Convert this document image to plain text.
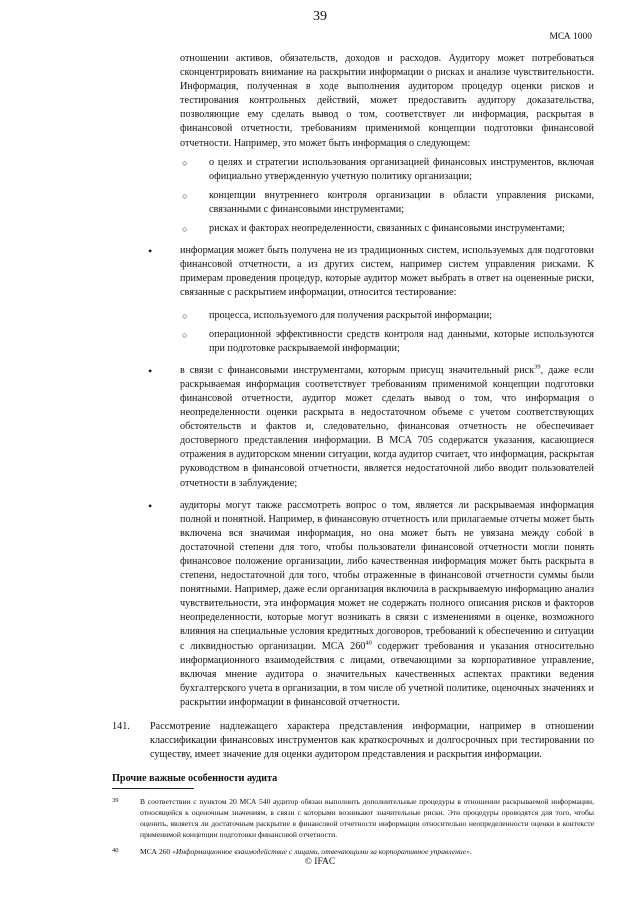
39
МСА 1000

отношении активов, обязательств, доходов и расходов. Аудитору может потребоваться сконцентрировать внимание на раскрытии информации о рисках и анализе чувствительности. Информация, полученная в ходе выполнения аудитором процедур оценки рисков и тестирования контрольных действий, может предоставить аудитору доказательства, позволяющие ему сделать вывод о том, соответствует ли информация, раскрытая в финансовой отчетности, требованиям применимой концепции подготовки финансовой отчетности. Например, это может быть информация о следующем:

○ о целях и стратегии использования организацией финансовых инструментов, включая официально утвержденную учетную политику организации;
○ концепции внутреннего контроля организации в области управления рисками, связанными с финансовыми инструментами;
○ рисках и факторах неопределенности, связанных с финансовыми инструментами;
•	информация может быть получена не из традиционных систем, используемых для подготовки финансовой отчетности, а из других систем, например систем управления рисками. К примерам проведения процедур, которые аудитор может выбрать в ответ на оцененные риски, связанные с раскрытием информации, относится тестирование:
○ процесса, используемого для получения раскрытой информации;
○ операционной эффективности средств контроля над данными, которые используются при подготовке раскрываемой информации;
•	в связи с финансовыми инструментами, которым присущ значительный риск$^{39}$, даже если раскрываемая информация соответствует требованиям применимой концепции подготовки финансовой отчетности, аудитор может сделать вывод о том, что информация о неопределенности оценки раскрыта в недостаточном объеме с учетом соответствующих обстоятельств и фактов и, следовательно, финансовая отчетность не обеспечивает достоверного представления информации. В МСА 705 содержатся указания, касающиеся отражения в аудиторском мнении ситуации, когда аудитор считает, что информация, раскрытая руководством в финансовой отчетности, является недостаточной либо вводит пользователей отчетности в заблуждение;
•	аудиторы могут также рассмотреть вопрос о том, является ли раскрываемая информация полной и понятной. Например, в финансовую отчетность или прилагаемые отчеты может быть включена вся значимая информация, но она может быть не увязана между собой в достаточной степени для того, чтобы пользователи финансовой отчетности могли понять финансовое положение организации, либо качественная информация может быть раскрыта в степени, недостаточной для того, чтобы отраженные в финансовой отчетности суммы были понятными. Например, даже если организация включила в раскрываемую информацию анализ чувствительности, эта информация может не содержать полного описания рисков и факторов неопределенности, которые могут возникать в связи с изменениями в оценке, возможного влияния на специальные условия кредитных договоров, требований к обеспечению и ситуации с ликвидностью организации. МСА $260^{40}$ содержит требования и указания относительно информационного взаимодействия с лицами, отвечающими за корпоративное управление, включая мнение аудитора о значительных качественных аспектах практики ведения бухгалтерского учета в организации, в том числе об учетной политике, оценочных значениях и раскрытии информации в финансовой отчетности.
141. Рассмотрение надлежащего характера представления информации, например в отношении классификации финансовых инструментов как краткосрочных и долгосрочных при тестировании по существу, имеет значение для оценки аудитором представления и раскрытия информации.
Прочие важные особенности аудита
39	В соответствии с пунктом 20 МСА 540 аудитор обязан выполнить дополнительные процедуры в отношении раскрываемой информации, относящейся к оценочным значениям, в связи с которыми возникают значительные риски. Эти процедуры проводятся для того, чтобы оценить, является ли достаточным раскрытие в финансовой отчетности информации относительно неопределенности оценки в контексте применимой концепции подготовки финансовой отчетности.
40	МСА 260 «Информационное взаимодействие с лицами, отвечающими за корпоративное управление».
© IFAC
